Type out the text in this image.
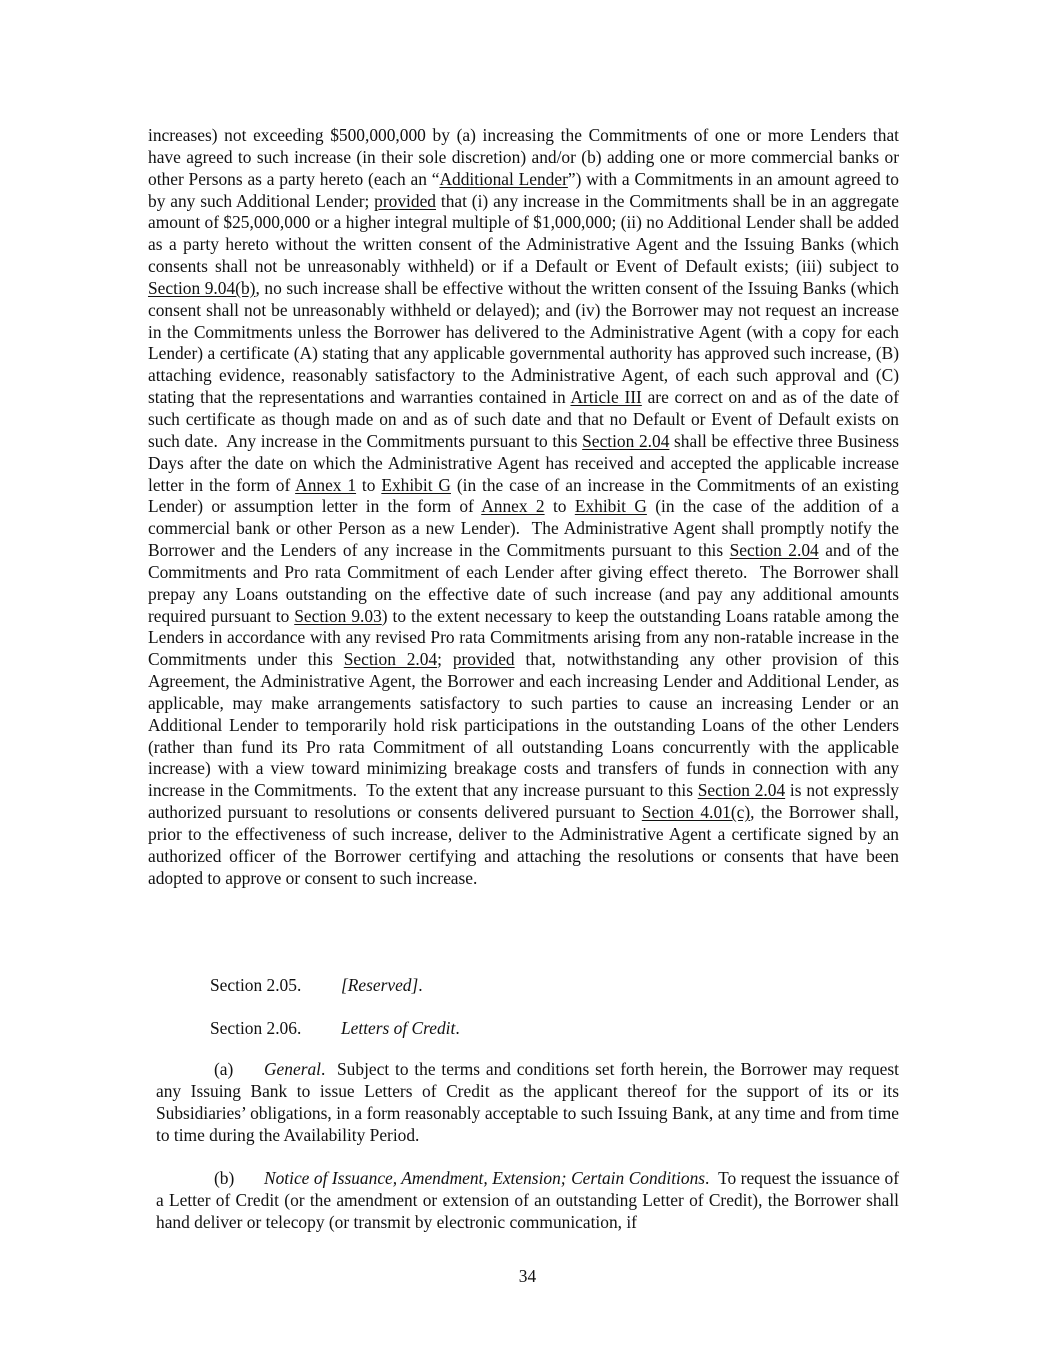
increases) not exceeding $500,000,000 by (a) increasing the Commitments of one or more Lenders that have agreed to such increase (in their sole discretion) and/or (b) adding one or more commercial banks or other Persons as a party hereto (each an “Additional Lender”) with a Commitments in an amount agreed to by any such Additional Lender; provided that (i) any increase in the Commitments shall be in an aggregate amount of $25,000,000 or a higher integral multiple of $1,000,000; (ii) no Additional Lender shall be added as a party hereto without the written consent of the Administrative Agent and the Issuing Banks (which consents shall not be unreasonably withheld) or if a Default or Event of Default exists; (iii) subject to Section 9.04(b), no such increase shall be effective without the written consent of the Issuing Banks (which consent shall not be unreasonably withheld or delayed); and (iv) the Borrower may not request an increase in the Commitments unless the Borrower has delivered to the Administrative Agent (with a copy for each Lender) a certificate (A) stating that any applicable governmental authority has approved such increase, (B) attaching evidence, reasonably satisfactory to the Administrative Agent, of each such approval and (C) stating that the representations and warranties contained in Article III are correct on and as of the date of such certificate as though made on and as of such date and that no Default or Event of Default exists on such date.  Any increase in the Commitments pursuant to this Section 2.04 shall be effective three Business Days after the date on which the Administrative Agent has received and accepted the applicable increase letter in the form of Annex 1 to Exhibit G (in the case of an increase in the Commitments of an existing Lender) or assumption letter in the form of Annex 2 to Exhibit G (in the case of the addition of a commercial bank or other Person as a new Lender).  The Administrative Agent shall promptly notify the Borrower and the Lenders of any increase in the Commitments pursuant to this Section 2.04 and of the Commitments and Pro rata Commitment of each Lender after giving effect thereto.  The Borrower shall prepay any Loans outstanding on the effective date of such increase (and pay any additional amounts required pursuant to Section 9.03) to the extent necessary to keep the outstanding Loans ratable among the Lenders in accordance with any revised Pro rata Commitments arising from any non-ratable increase in the Commitments under this Section 2.04; provided that, notwithstanding any other provision of this Agreement, the Administrative Agent, the Borrower and each increasing Lender and Additional Lender, as applicable, may make arrangements satisfactory to such parties to cause an increasing Lender or an Additional Lender to temporarily hold risk participations in the outstanding Loans of the other Lenders (rather than fund its Pro rata Commitment of all outstanding Loans concurrently with the applicable increase) with a view toward minimizing breakage costs and transfers of funds in connection with any increase in the Commitments.  To the extent that any increase pursuant to this Section 2.04 is not expressly authorized pursuant to resolutions or consents delivered pursuant to Section 4.01(c), the Borrower shall, prior to the effectiveness of such increase, deliver to the Administrative Agent a certificate signed by an authorized officer of the Borrower certifying and attaching the resolutions or consents that have been adopted to approve or consent to such increase.

Section 2.05. [Reserved].

Section 2.06. Letters of Credit.

(a) General.  Subject to the terms and conditions set forth herein, the Borrower may request any Issuing Bank to issue Letters of Credit as the applicant thereof for the support of its or its Subsidiaries’ obligations, in a form reasonably acceptable to such Issuing Bank, at any time and from time to time during the Availability Period.

(b) Notice of Issuance, Amendment, Extension; Certain Conditions.  To request the issuance of a Letter of Credit (or the amendment or extension of an outstanding Letter of Credit), the Borrower shall hand deliver or telecopy (or transmit by electronic communication, if

34
